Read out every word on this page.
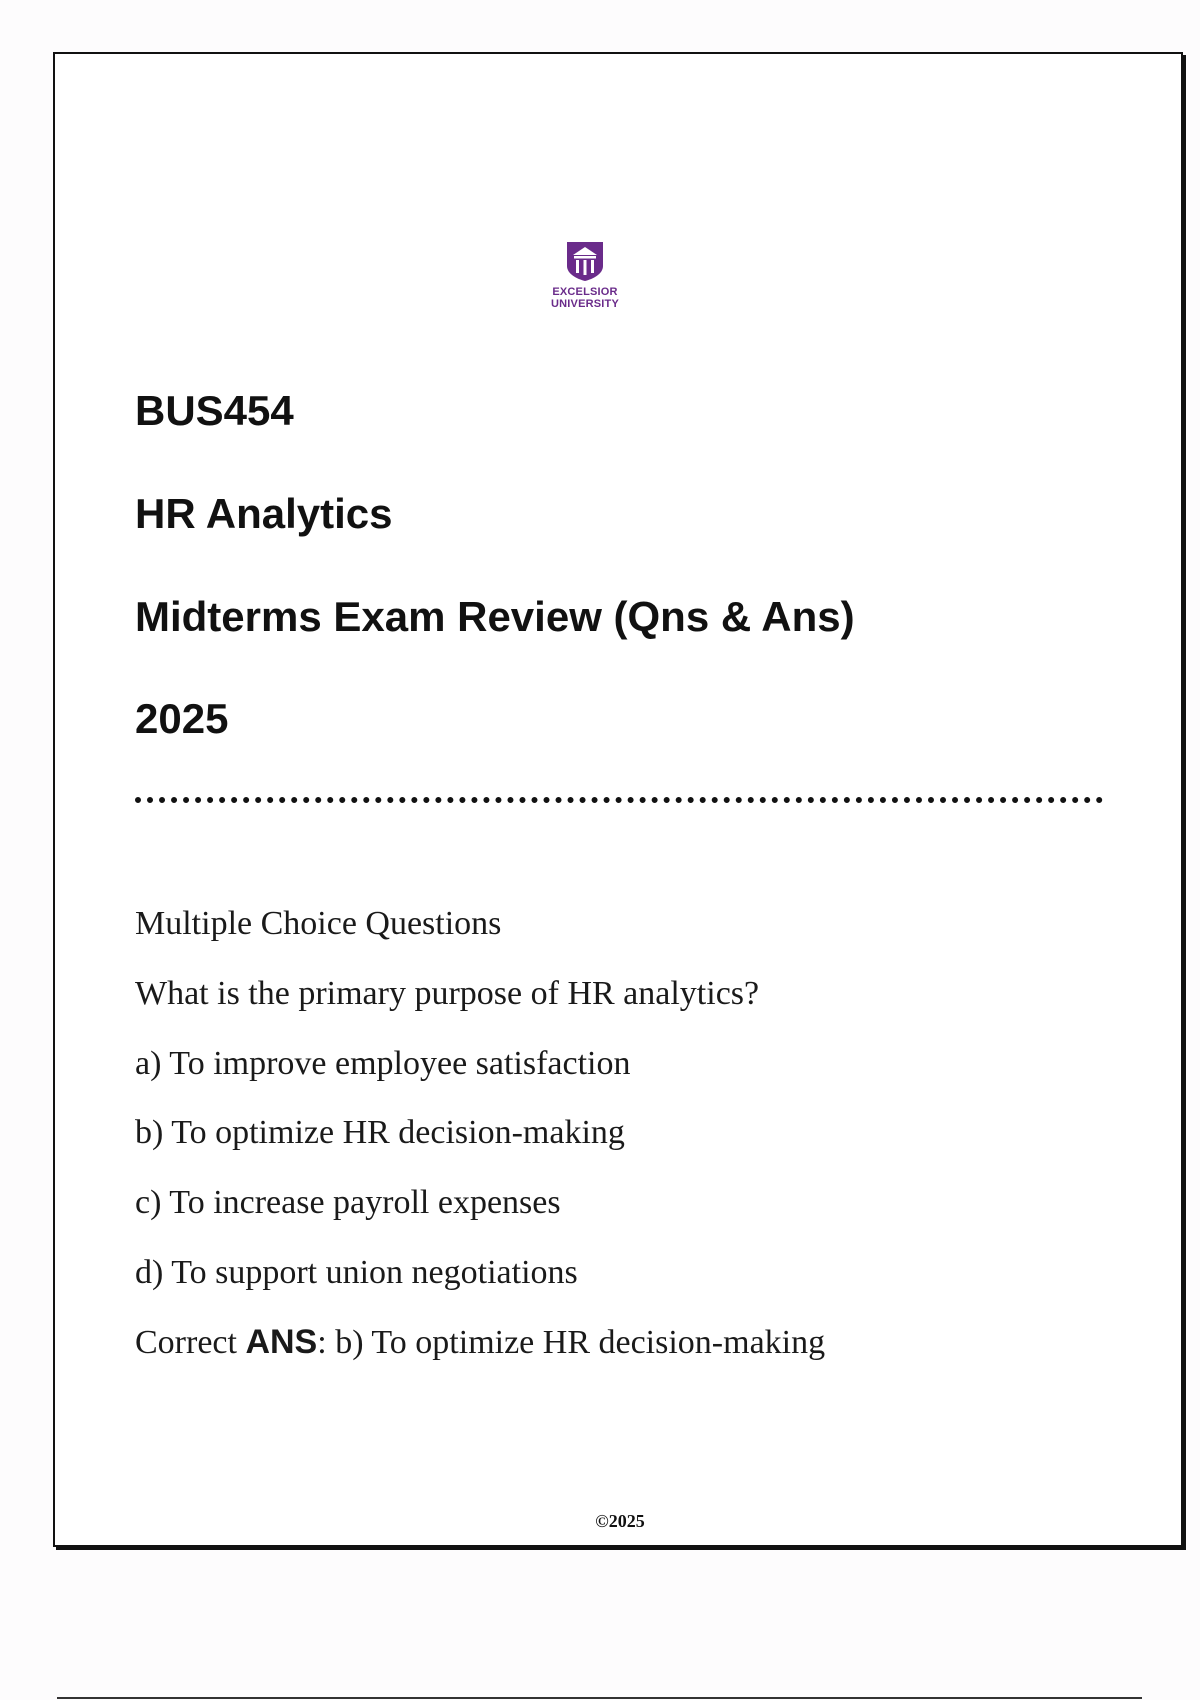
EXCELSIOR
UNIVERSITY
BUS454
HR Analytics
Midterms Exam Review (Qns & Ans)
2025

Multiple Choice Questions

What is the primary purpose of HR analytics?

a) To improve employee satisfaction

b) To optimize HR decision-making

c) To increase payroll expenses

d) To support union negotiations

Correct ANS: b) To optimize HR decision-making

©2025
